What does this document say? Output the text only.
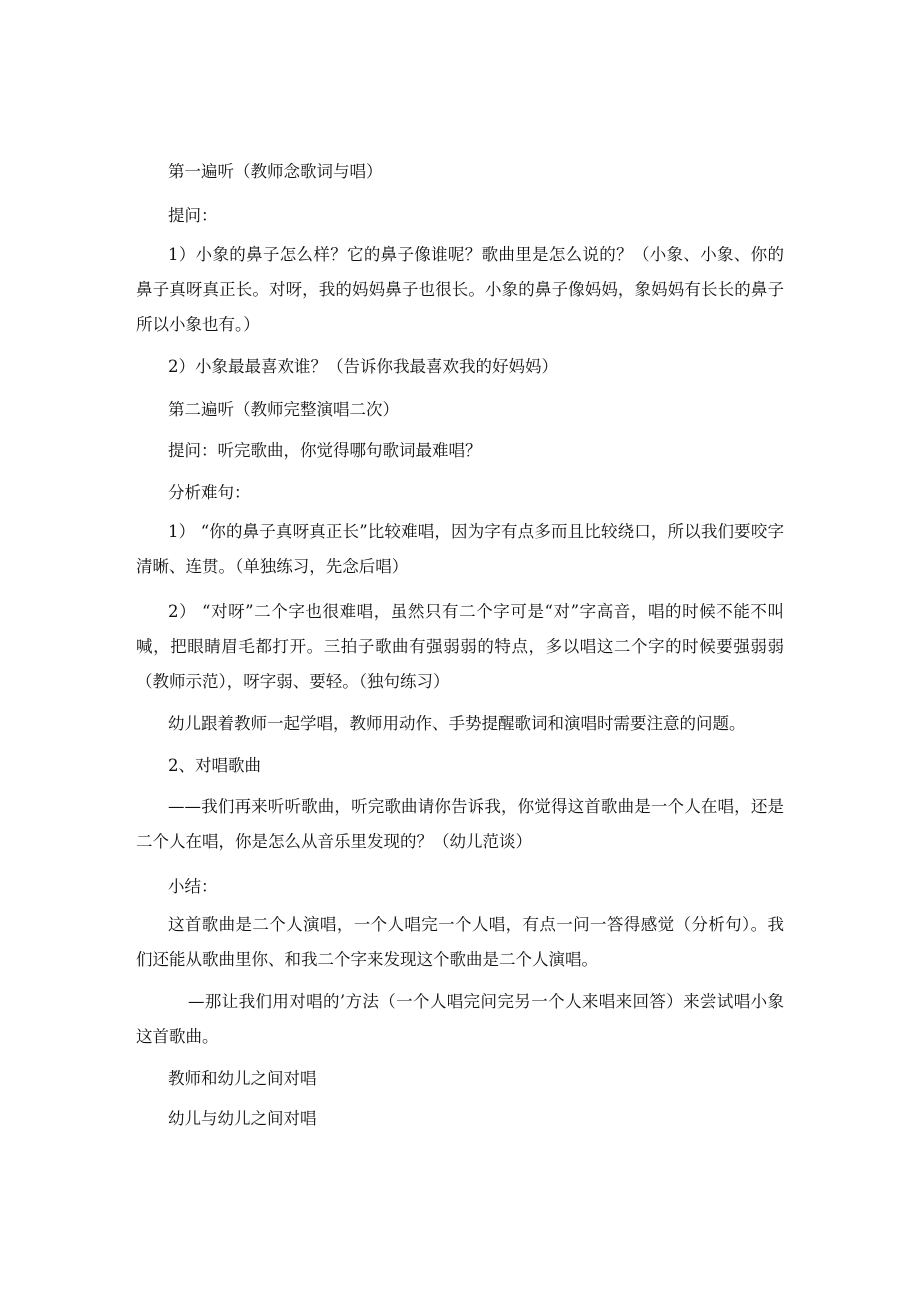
第一遍听（教师念歌词与唱）

提问：

1）小象的鼻子怎么样？它的鼻子像谁呢？歌曲里是怎么说的？（小象、小象、你的鼻子真呀真正长。对呀，我的妈妈鼻子也很长。小象的鼻子像妈妈，象妈妈有长长的鼻子所以小象也有。）

2）小象最最喜欢谁？（告诉你我最喜欢我的好妈妈）

第二遍听（教师完整演唱二次）

提问：听完歌曲，你觉得哪句歌词最难唱？

分析难句：

1） “你的鼻子真呀真正长”比较难唱，因为字有点多而且比较绕口，所以我们要咬字清晰、连贯。（单独练习，先念后唱）

2） “对呀”二个字也很难唱，虽然只有二个字可是“对”字高音，唱的时候不能不叫喊，把眼睛眉毛都打开。三拍子歌曲有强弱弱的特点，多以唱这二个字的时候要强弱弱（教师示范），呀字弱、要轻。（独句练习）

幼儿跟着教师一起学唱，教师用动作、手势提醒歌词和演唱时需要注意的问题。

2、对唱歌曲

——我们再来听听歌曲，听完歌曲请你告诉我，你觉得这首歌曲是一个人在唱，还是二个人在唱，你是怎么从音乐里发现的？（幼儿范谈）

小结：

这首歌曲是二个人演唱，一个人唱完一个人唱，有点一问一答得感觉（分析句）。我们还能从歌曲里你、和我二个字来发现这个歌曲是二个人演唱。

—那让我们用对唱的’方法（一个人唱完问完另一个人来唱来回答）来尝试唱小象这首歌曲。

教师和幼儿之间对唱

幼儿与幼儿之间对唱
